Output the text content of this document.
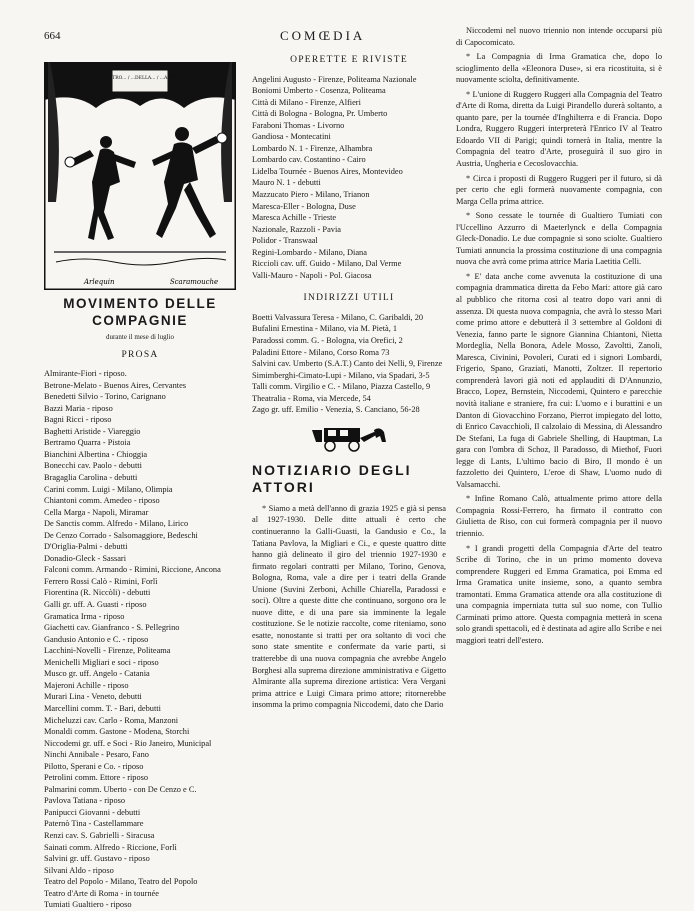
664	COMŒDIA
...TEATRO... / ...DELLA... / ...ARTE...
Arlequin	Scaramouche
MOVIMENTO DELLE COMPAGNIE
durante il mese di luglio
PROSA

Almirante-Fiori - riposo.

Betrone-Melato - Buenos Aires, Cervantes

Benedetti Silvio - Torino, Carignano

Bazzi Maria - riposo

Bagni Ricci - riposo

Baghetti Aristide - Viareggio

Bertramo Quarra - Pistoia

Bianchini Albertina - Chioggia

Bonecchi cav. Paolo - debutti

Bragaglia Carolina - debutti

Carini comm. Luigi - Milano, Olimpia

Chiantoni comm. Amedeo - riposo

Cella Marga - Napoli, Miramar

De Sanctis comm. Alfredo - Milano, Lirico

De Cenzo Corrado - Salsomaggiore, Bedeschi

D'Origlia-Palmi - debutti

Donadio-Gleck - Sassari

Falconi comm. Armando - Rimini, Riccione, Ancona

Ferrero Rossi Calò - Rimini, Forlì

Fiorentina (R. Niccòli) - debutti

Galli gr. uff. A. Guasti - riposo

Gramatica Irma - riposo

Giachetti cav. Gianfranco - S. Pellegrino

Gandusio Antonio e C. - riposo

Lacchini-Novelli - Firenze, Politeama

Menichelli Migliari e soci - riposo

Musco gr. uff. Angelo - Catania

Majeroni Achille - riposo

Murari Lina - Veneto, debutti

Marcellini comm. T. - Bari, debutti

Micheluzzi cav. Carlo - Roma, Manzoni

Monaldi comm. Gastone - Modena, Storchi

Niccodemi gr. uff. e Soci - Rio Janeiro, Municipal

Ninchi Annibale - Pesaro, Fano

Pilotto, Sperani e Co. - riposo

Petrolini comm. Ettore - riposo

Palmarini comm. Uberto - con De Cenzo e C.

Pavlova Tatiana - riposo

Panipucci Giovanni - debutti

Paternò Tina - Castellammare

Renzi cav. S. Gabrielli - Siracusa

Sainati comm. Alfredo - Riccione, Forlì

Salvini gr. uff. Gustavo - riposo

Silvani Aldo - riposo

Teatro del Popolo - Milano, Teatro del Popolo

Teatro d'Arte di Roma - in tournée

Tumiati Gualtiero - riposo

OPERETTE E RIVISTE

Angelini Augusto - Firenze, Politeama Nazionale

Boniomi Umberto - Cosenza, Politeama

Città di Milano - Firenze, Alfieri

Città di Bologna - Bologna, Pr. Umberto

Faraboni Thomas - Livorno

Gandiosa - Montecatini

Lombardo N. 1 - Firenze, Alhambra

Lombardo cav. Costantino - Cairo

Lidelba Tournée - Buenos Aires, Montevideo

Mauro N. 1 - debutti

Mazzucato Piero - Milano, Trianon

Maresca-Eller - Bologna, Duse

Maresca Achille - Trieste

Nazionale, Razzoli - Pavia

Polidor - Transwaal

Regini-Lombardo - Milano, Diana

Riccioli cav. uff. Guido - Milano, Dal Verme

Valli-Mauro - Napoli - Pol. Giacosa

INDIRIZZI UTILI

Boetti Valvassura Teresa - Milano, C. Garibaldi, 20

Bufalini Ernestina - Milano, via M. Pietà, 1

Paradossi comm. G. - Bologna, via Orefici, 2

Paladini Ettore - Milano, Corso Roma 73

Salvini cav. Umberto (S.A.T.) Canto dei Nelli, 9, Firenze

Simimberghi-Cimato-Lupi - Milano, via Spadari, 3-5

Talli comm. Virgilio e C. - Milano, Piazza Castello, 9

Theatralia - Roma, via Mercede, 54

Zago gr. uff. Emilio - Venezia, S. Canciano, 56-28

NOTIZIARIO DEGLI ATTORI

* Siamo a metà dell'anno di grazia 1925 e già si pensa al 1927-1930. Delle ditte attuali è certo che continueranno la Galli-Guasti, la Gandusio e Co., la Tatiana Pavlova, la Migliari e Ci., e queste quattro ditte hanno già delineato il giro del triennio 1927-1930 e firmato regolari contratti per Milano, Torino, Genova, Bologna, Roma, vale a dire per i teatri della Grande Unione (Suvini Zerboni, Achille Chiarella, Paradossi e soci). Oltre a queste ditte che continuano, sorgono ora le nuove ditte, e di una pare sia imminente la legale costituzione. Se le notizie raccolte, come riteniamo, sono esatte, nonostante si tratti per ora soltanto di voci che sono state smentite e confermate da varie parti, si tratterebbe di una nuova compagnia che avrebbe Angelo Borghesi alla suprema direzione amministrativa e Gigetto Almirante alla suprema direzione artistica: Vera Vergani prima attrice e Luigi Cimara primo attore; ritornerebbe insomma la primo compagnia Niccodemi, dato che Dario

Niccodemi nel nuovo triennio non intende occuparsi più di Capocomicato.

* La Compagnia di Irma Gramatica che, dopo lo scioglimento della «Eleonora Duse», si era ricostituita, si è nuovamente sciolta, definitivamente.

* L'unione di Ruggero Ruggeri alla Compagnia del Teatro d'Arte di Roma, diretta da Luigi Pirandello durerà soltanto, a quanto pare, per la tournée d'Inghilterra e di Francia. Dopo Londra, Ruggero Ruggeri interpreterà l'Enrico IV al Teatro Edoardo VII di Parigi; quindi tornerà in Italia, mentre la Compagnia del teatro d'Arte, proseguirà il suo giro in Austria, Ungheria e Cecoslovacchia.

* Circa i proposti di Ruggero Ruggeri per il futuro, si dà per certo che egli formerà nuovamente compagnia, con Marga Cella prima attrice.

* Sono cessate le tournée di Gualtiero Tumiati con l'Uccellino Azzurro di Maeterlynck e della Compagnia Gleck-Donadio. Le due compagnie si sono sciolte. Gualtiero Tumiati annuncia la prossima costituzione di una compagnia nuova che avrà come prima attrice Maria Laetitia Celli.

* E' data anche come avvenuta la costituzione di una compagnia drammatica diretta da Febo Mari: attore già caro al pubblico che ritorna così al teatro dopo vari anni di assenza. Di questa nuova compagnia, che avrà lo stesso Mari come primo attore e debutterà il 3 settembre al Goldoni di Venezia, fanno parte le signore Giannina Chiantoni, Nietta Mordeglia, Nella Bonora, Adele Mosso, Zavoltti, Zanoli, Maresca, Civinini, Povoleri, Curati ed i signori Lombardi, Frigerio, Spano, Graziati, Manotti, Zoltzer. Il repertorio comprenderà lavori già noti ed applauditi di D'Annunzio, Bracco, Lopez, Bernstein, Niccodemi, Quintero e parecchie novità italiane e straniere, fra cui: L'uomo e i burattini e un Danton di Giovacchino Forzano, Pierrot impiegato del lotto, di Enrico Cavacchioli, Il calzolaio di Messina, di Alessandro De Stefani, La fuga di Gabriele Shelling, di Hauptman, La gara con l'ombra di Schoz, Il Paradosso, di Miethof, Fuori legge di Lants, L'ultimo bacio di Biro, Il mondo è un fazzoletto dei Quintero, L'eroe di Shaw, L'uomo nudo di Valsamacchi.

* Infine Romano Calò, attualmente primo attore della Compagnia Rossi-Ferrero, ha firmato il contratto con Giulietta de Riso, con cui formerà compagnia per il nuovo triennio.

* I grandi progetti della Compagnia d'Arte del teatro Scribe di Torino, che in un primo momento doveva comprendere Ruggeri ed Emma Gramatica, poi Emma ed Irma Gramatica unite insieme, sono, a quanto sembra tramontati. Emma Gramatica attende ora alla costituzione di una compagnia imperniata tutta sul suo nome, con Tullio Carminati primo attore. Questa compagnia metterà in scena solo grandi spettacoli, ed è destinata ad agire allo Scribe e nei maggiori teatri dell'estero.
